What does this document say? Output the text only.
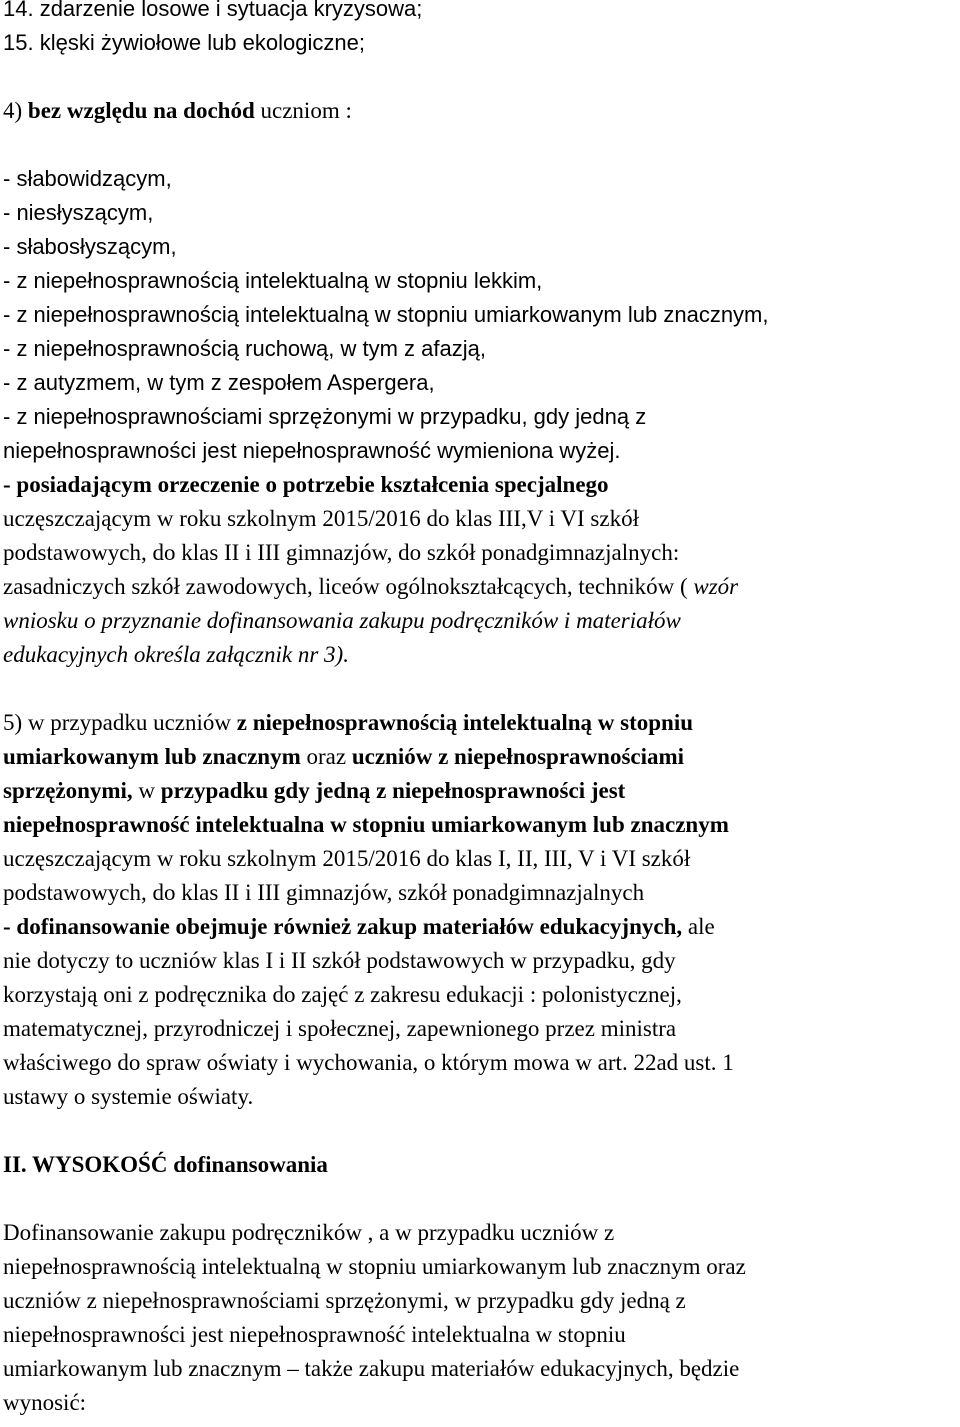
14. zdarzenie losowe i sytuacja kryzysowa;
15. klęski żywiołowe lub ekologiczne;
4) bez względu na dochód uczniom :
- słabowidzącym,
- niesłyszącym,
- słabosłyszącym,
- z niepełnosprawnością intelektualną w stopniu lekkim,
- z niepełnosprawnością intelektualną w stopniu umiarkowanym lub znacznym,
- z niepełnosprawnością ruchową, w tym z afazją,
- z autyzmem, w tym z zespołem Aspergera,
- z niepełnosprawnościami sprzężonymi w przypadku, gdy jedną z
niepełnosprawności jest niepełnosprawność wymieniona wyżej.
- posiadającym orzeczenie o potrzebie kształcenia specjalnego
uczęszczającym w roku szkolnym 2015/2016 do klas III,V i VI szkół
podstawowych, do klas II i III gimnazjów, do szkół ponadgimnazjalnych:
zasadniczych szkół zawodowych, liceów ogólnokształcących, techników ( wzór
wniosku o przyznanie dofinansowania zakupu podręczników i materiałów
edukacyjnych określa załącznik nr 3).
5) w przypadku uczniów z niepełnosprawnością intelektualną w stopniu
umiarkowanym lub znacznym oraz uczniów z niepełnosprawnościami
sprzężonymi, w przypadku gdy jedną z niepełnosprawności jest
niepełnosprawność intelektualna w stopniu umiarkowanym lub znacznym
uczęszczającym w roku szkolnym 2015/2016 do klas I, II, III, V i VI szkół
podstawowych, do klas II i III gimnazjów, szkół ponadgimnazjalnych
- dofinansowanie obejmuje również zakup materiałów edukacyjnych, ale
nie dotyczy to uczniów klas I i II szkół podstawowych w przypadku, gdy
korzystają oni z podręcznika do zajęć z zakresu edukacji : polonistycznej,
matematycznej, przyrodniczej i społecznej, zapewnionego przez ministra
właściwego do spraw oświaty i wychowania, o którym mowa w art. 22ad ust. 1
ustawy o systemie oświaty.
II. WYSOKOŚĆ dofinansowania
Dofinansowanie zakupu podręczników , a w przypadku uczniów z
niepełnosprawnością intelektualną w stopniu umiarkowanym lub znacznym oraz
uczniów z niepełnosprawnościami sprzężonymi, w przypadku gdy jedną z
niepełnosprawności jest niepełnosprawność intelektualna w stopniu
umiarkowanym lub znacznym – także zakupu materiałów edukacyjnych, będzie
wynosić:
